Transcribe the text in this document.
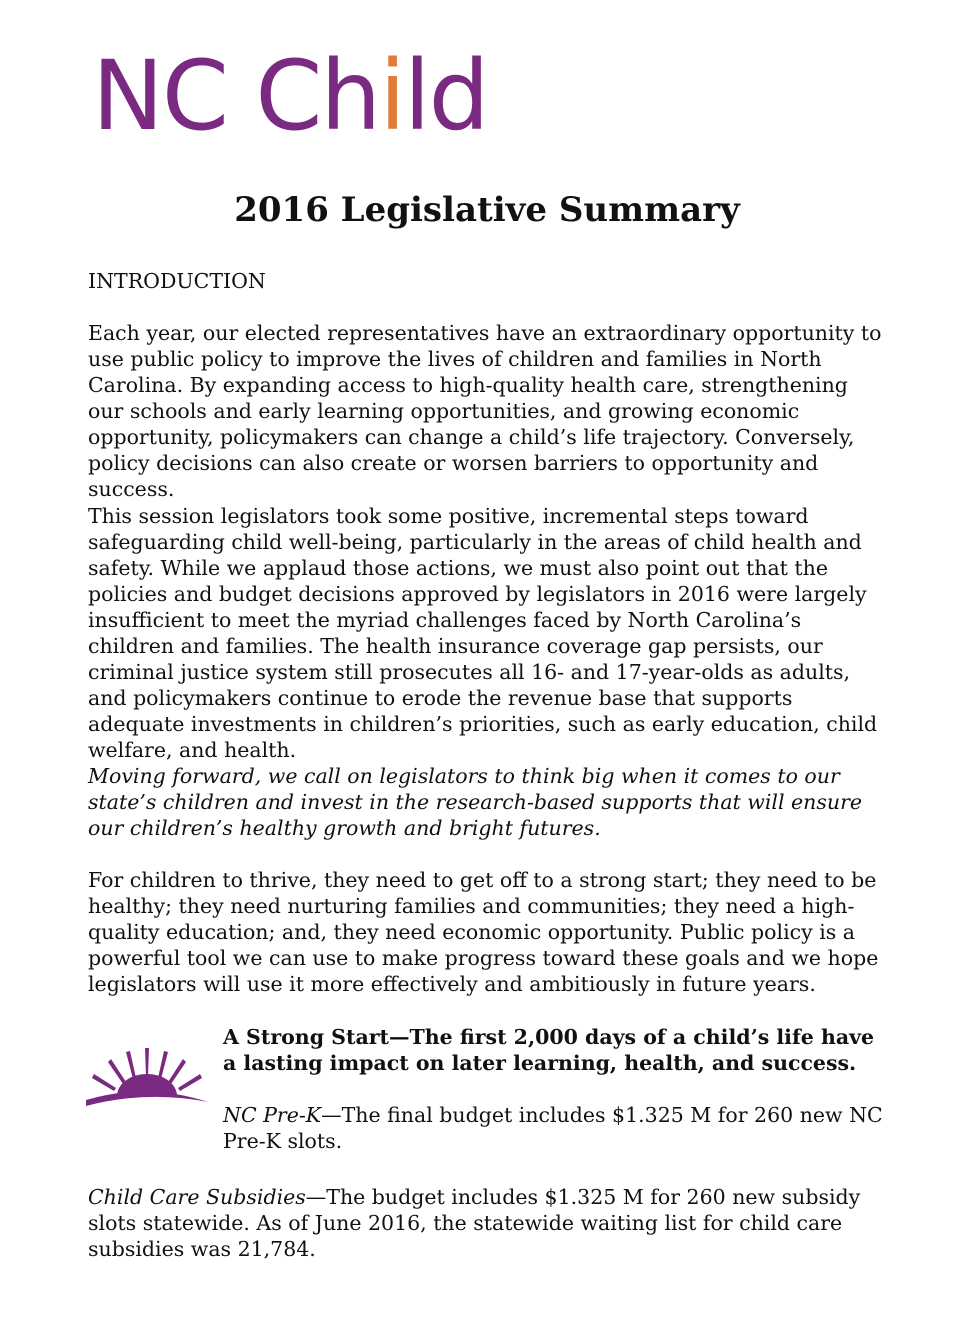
NC Child
2016 Legislative Summary

INTRODUCTION

Each year, our elected representatives have an extraordinary opportunity to use public policy to improve the lives of children and families in North Carolina. By expanding access to high-quality health care, strengthening our schools and early learning opportunities, and growing economic opportunity, policymakers can change a child’s life trajectory. Conversely, policy decisions can also create or worsen barriers to opportunity and success.

This session legislators took some positive, incremental steps toward safeguarding child well-being, particularly in the areas of child health and safety. While we applaud those actions, we must also point out that the policies and budget decisions approved by legislators in 2016 were largely insufficient to meet the myriad challenges faced by North Carolina’s children and families. The health insurance coverage gap persists, our criminal justice system still prosecutes all 16- and 17-year-olds as adults, and policymakers continue to erode the revenue base that supports adequate investments in children’s priorities, such as early education, child welfare, and health.

Moving forward, we call on legislators to think big when it comes to our state’s children and invest in the research-based supports that will ensure our children’s healthy growth and bright futures.

For children to thrive, they need to get off to a strong start; they need to be healthy; they need nurturing families and communities; they need a high-quality education; and, they need economic opportunity. Public policy is a powerful tool we can use to make progress toward these goals and we hope legislators will use it more effectively and ambitiously in future years.

A Strong Start—The first 2,000 days of a child’s life have a lasting impact on later learning, health, and success.

NC Pre-K—The final budget includes $1.325 M for 260 new NC Pre-K slots.

Child Care Subsidies—The budget includes $1.325 M for 260 new subsidy slots statewide. As of June 2016, the statewide waiting list for child care subsidies was 21,784.
